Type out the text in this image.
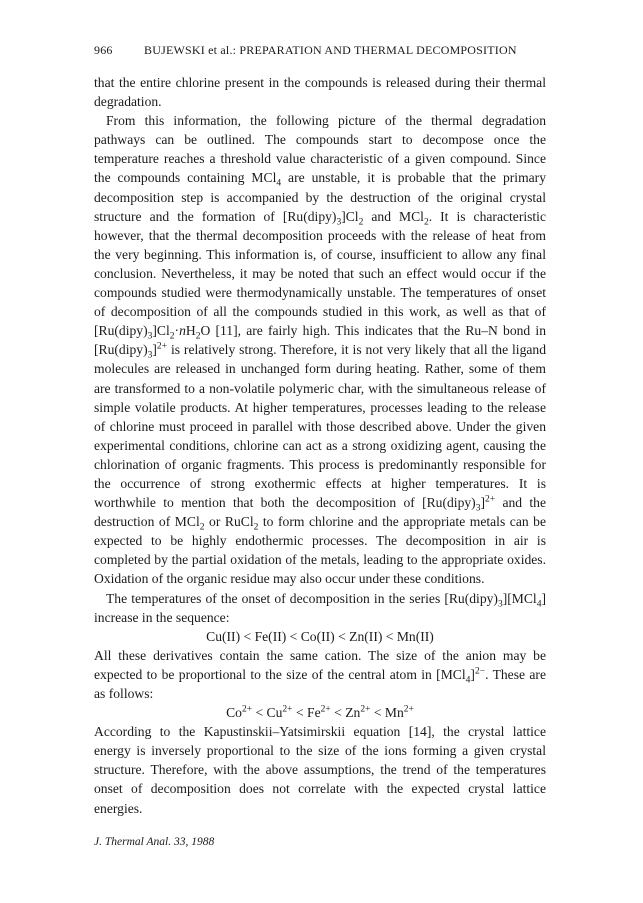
966	BUJEWSKI et al.: PREPARATION AND THERMAL DECOMPOSITION

that the entire chlorine present in the compounds is released during their thermal degradation.

From this information, the following picture of the thermal degradation pathways can be outlined. The compounds start to decompose once the temperature reaches a threshold value characteristic of a given compound. Since the compounds containing MCl$_4$ are unstable, it is probable that the primary decomposition step is accompanied by the destruction of the original crystal structure and the formation of $[Ru(dipy)_3]Cl_2$ and MCl$_2$. It is characteristic however, that the thermal decomposition proceeds with the release of heat from the very beginning. This information is, of course, insufficient to allow any final conclusion. Nevertheless, it may be noted that such an effect would occur if the compounds studied were thermodynamically unstable. The temperatures of onset of decomposition of all the compounds studied in this work, as well as that of $[Ru(dipy)_3]Cl_2\cdot nH_2O$ [11], are fairly high. This indicates that the Ru–N bond in $[Ru(dipy)_3]^{2+}$ is relatively strong. Therefore, it is not very likely that all the ligand molecules are released in unchanged form during heating. Rather, some of them are transformed to a non-volatile polymeric char, with the simultaneous release of simple volatile products. At higher temperatures, processes leading to the release of chlorine must proceed in parallel with those described above. Under the given experimental conditions, chlorine can act as a strong oxidizing agent, causing the chlorination of organic fragments. This process is predominantly responsible for the occurrence of strong exothermic effects at higher temperatures. It is worthwhile to mention that both the decomposition of $[Ru(dipy)_3]^{2+}$ and the destruction of MCl$_2$ or RuCl$_2$ to form chlorine and the appropriate metals can be expected to be highly endothermic processes. The decomposition in air is completed by the partial oxidation of the metals, leading to the appropriate oxides. Oxidation of the organic residue may also occur under these conditions.

The temperatures of the onset of decomposition in the series $[Ru(dipy)_3][MCl_4]$ increase in the sequence:

Cu(II) < Fe(II) < Co(II) < Zn(II) < Mn(II)

All these derivatives contain the same cation. The size of the anion may be expected to be proportional to the size of the central atom in $[MCl_4]^{2-}$. These are as follows:

$Co^{2+} < Cu^{2+} < Fe^{2+} < Zn^{2+} < Mn^{2+}$

According to the Kapustinskii–Yatsimirskii equation [14], the crystal lattice energy is inversely proportional to the size of the ions forming a given crystal structure. Therefore, with the above assumptions, the trend of the temperatures onset of decomposition does not correlate with the expected crystal lattice energies.

J. Thermal Anal. 33, 1988
